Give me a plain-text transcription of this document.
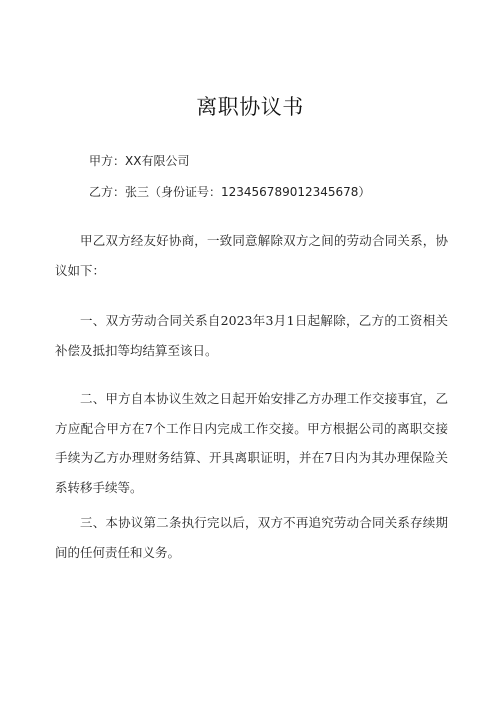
离职协议书
甲方：XX有限公司
乙方：张三（身份证号：123456789012345678）
甲乙双方经友好协商，一致同意解除双方之间的劳动合同关系，协议如下：
一、双方劳动合同关系自2023年3月1日起解除，乙方的工资相关补偿及抵扣等均结算至该日。
二、甲方自本协议生效之日起开始安排乙方办理工作交接事宜，乙方应配合甲方在7个工作日内完成工作交接。甲方根据公司的离职交接手续为乙方办理财务结算、开具离职证明，并在7日内为其办理保险关系转移手续等。
三、本协议第二条执行完以后，双方不再追究劳动合同关系存续期间的任何责任和义务。
